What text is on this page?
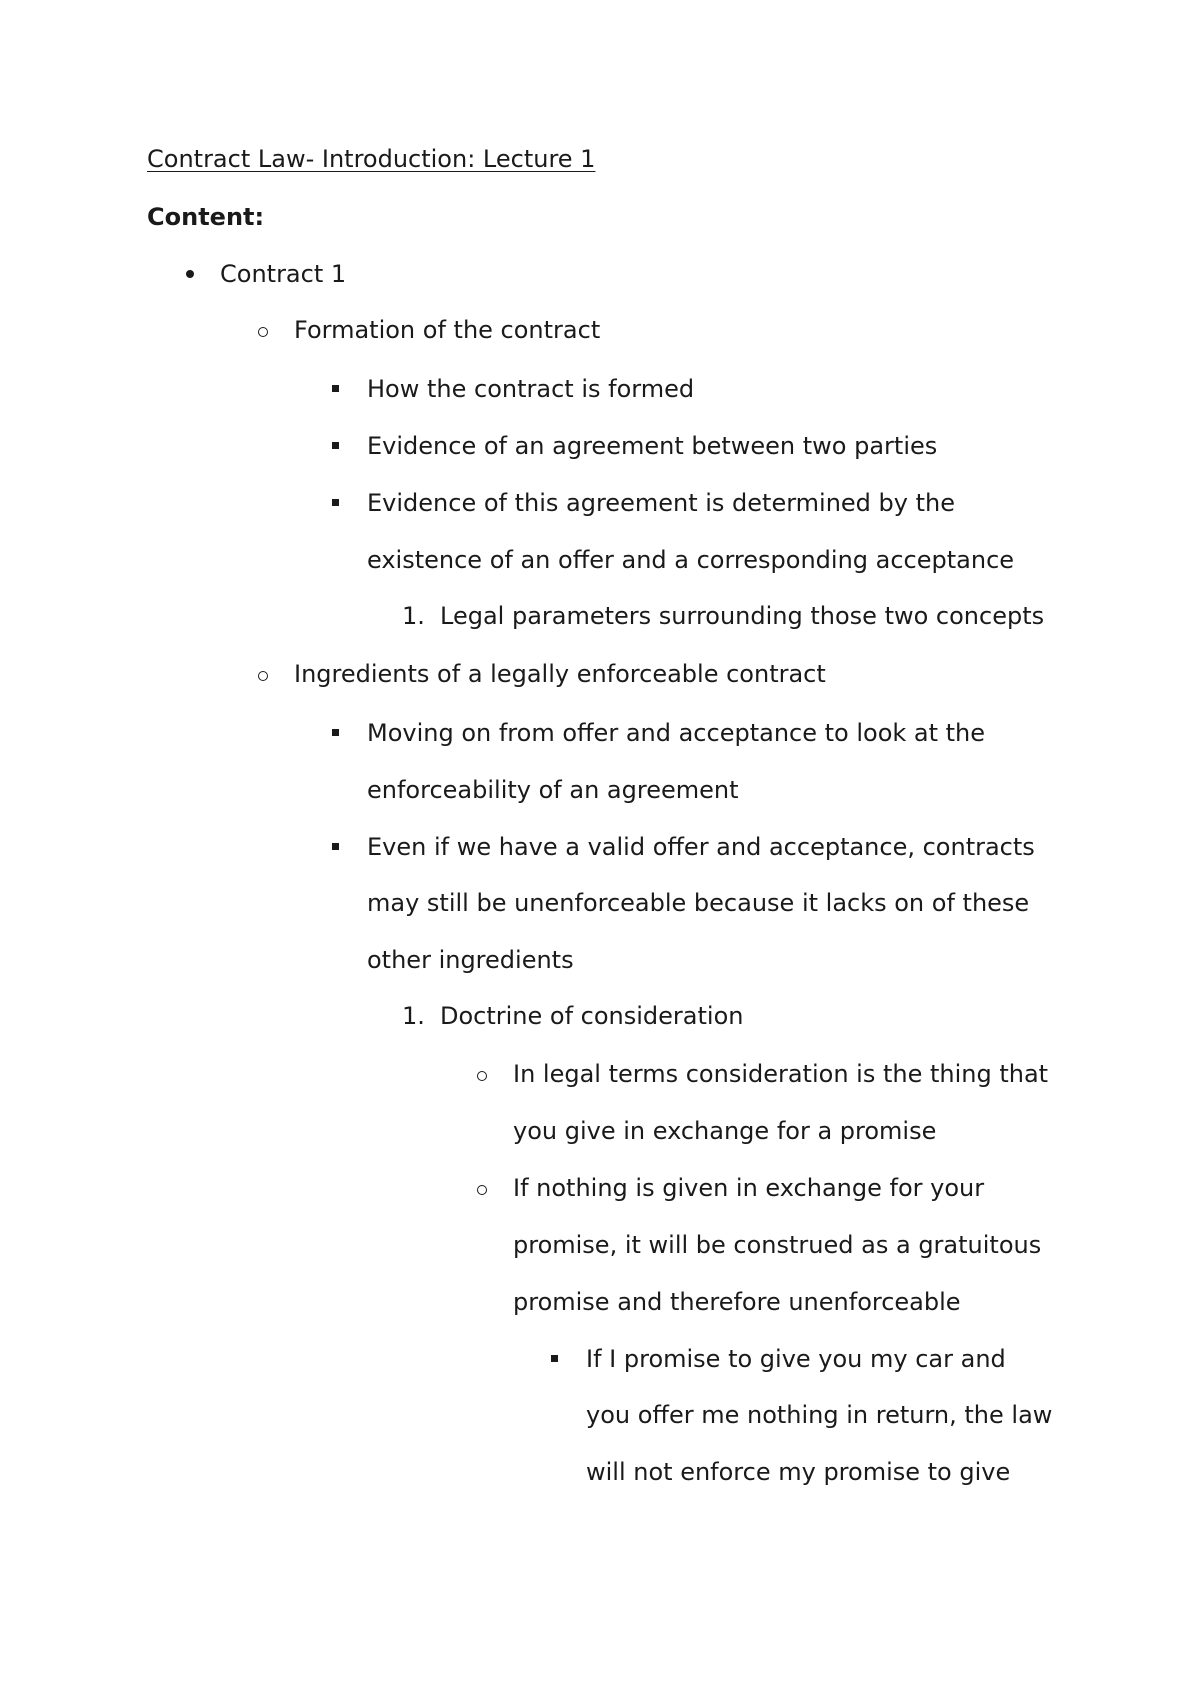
Contract Law- Introduction: Lecture 1
Content:
Contract 1
Formation of the contract
How the contract is formed
Evidence of an agreement between two parties
Evidence of this agreement is determined by the
existence of an offer and a corresponding acceptance
1. Legal parameters surrounding those two concepts
Ingredients of a legally enforceable contract
Moving on from offer and acceptance to look at the
enforceability of an agreement
Even if we have a valid offer and acceptance, contracts
may still be unenforceable because it lacks on of these
other ingredients
1. Doctrine of consideration
In legal terms consideration is the thing that
you give in exchange for a promise
If nothing is given in exchange for your
promise, it will be construed as a gratuitous
promise and therefore unenforceable
If I promise to give you my car and
you offer me nothing in return, the law
will not enforce my promise to give
